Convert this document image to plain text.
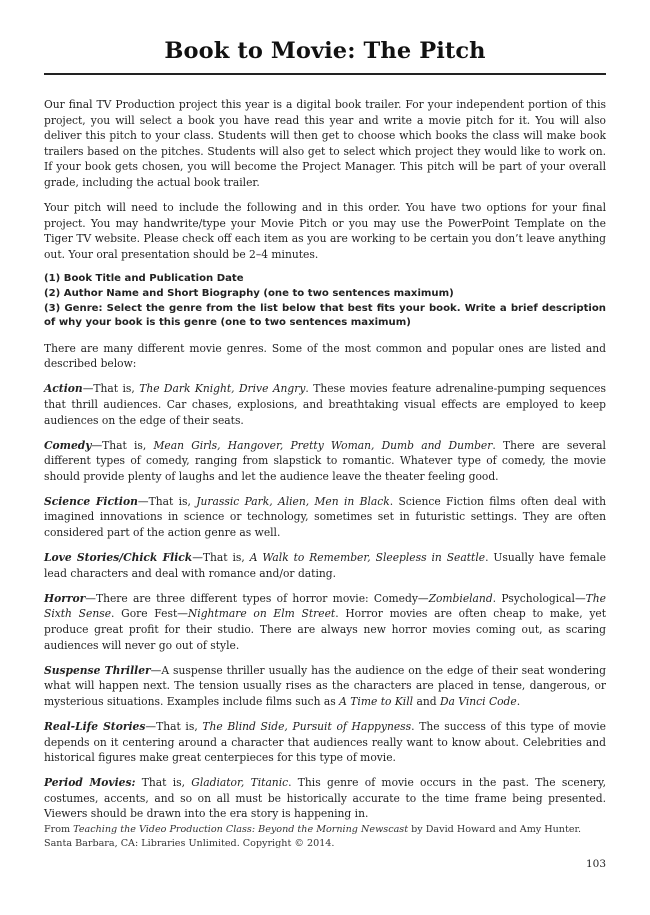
Book to Movie: The Pitch

Our final TV Production project this year is a digital book trailer. For your independent portion of this project, you will select a book you have read this year and write a movie pitch for it. You will also deliver this pitch to your class. Students will then get to choose which books the class will make book trailers based on the pitches. Students will also get to select which project they would like to work on. If your book gets chosen, you will become the Project Manager. This pitch will be part of your overall grade, including the actual book trailer.

Your pitch will need to include the following and in this order. You have two options for your final project. You may handwrite/type your Movie Pitch or you may use the PowerPoint Template on the Tiger TV website. Please check off each item as you are working to be certain you don’t leave anything out. Your oral presentation should be 2–4 minutes.

(1) Book Title and Publication Date
(2) Author Name and Short Biography (one to two sentences maximum)
(3) Genre: Select the genre from the list below that best fits your book. Write a brief description of why your book is this genre (one to two sentences maximum)

There are many different movie genres. Some of the most common and popular ones are listed and described below:

Action—That is, The Dark Knight, Drive Angry. These movies feature adrenaline-pumping sequences that thrill audiences. Car chases, explosions, and breathtaking visual effects are employed to keep audiences on the edge of their seats.

Comedy—That is, Mean Girls, Hangover, Pretty Woman, Dumb and Dumber. There are several different types of comedy, ranging from slapstick to romantic. Whatever type of comedy, the movie should provide plenty of laughs and let the audience leave the theater feeling good.

Science Fiction—That is, Jurassic Park, Alien, Men in Black. Science Fiction films often deal with imagined innovations in science or technology, sometimes set in futuristic settings. They are often considered part of the action genre as well.

Love Stories/Chick Flick—That is, A Walk to Remember, Sleepless in Seattle. Usually have female lead characters and deal with romance and/or dating.

Horror—There are three different types of horror movie: Comedy—Zombieland. Psychological—The Sixth Sense. Gore Fest—Nightmare on Elm Street. Horror movies are often cheap to make, yet produce great profit for their studio. There are always new horror movies coming out, as scaring audiences will never go out of style.

Suspense Thriller—A suspense thriller usually has the audience on the edge of their seat wondering what will happen next. The tension usually rises as the characters are placed in tense, dangerous, or mysterious situations. Examples include films such as A Time to Kill and Da Vinci Code.

Real-Life Stories—That is, The Blind Side, Pursuit of Happyness. The success of this type of movie depends on it centering around a character that audiences really want to know about. Celebrities and historical figures make great centerpieces for this type of movie.

Period Movies: That is, Gladiator, Titanic. This genre of movie occurs in the past. The scenery, costumes, accents, and so on all must be historically accurate to the time frame being presented. Viewers should be drawn into the era story is happening in.

From Teaching the Video Production Class: Beyond the Morning Newscast by David Howard and Amy Hunter. Santa Barbara, CA: Libraries Unlimited. Copyright © 2014.
103
